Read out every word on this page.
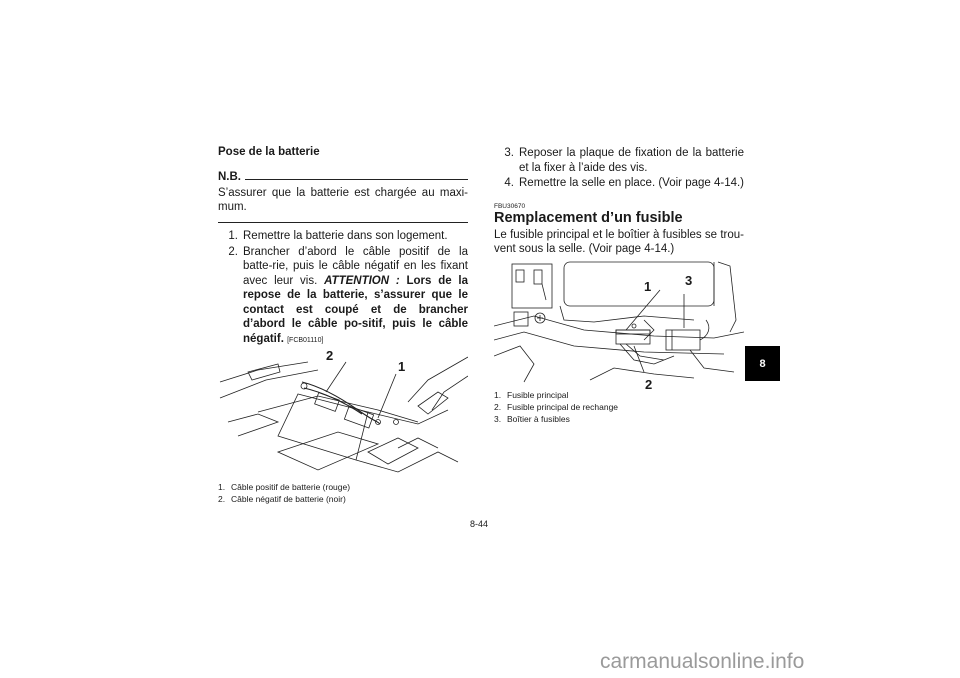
Pose de la batterie
N.B.
S’assurer que la batterie est chargée au maxi-mum.
1. Remettre la batterie dans son logement.
2. Brancher d’abord le câble positif de la batte-rie, puis le câble négatif en les fixant avec leur vis. ATTENTION : Lors de la repose de la batterie, s’assurer que le contact est coupé et de brancher d’abord le câble po-sitif, puis le câble négatif. [FCB01110]
2
1
1. Câble positif de batterie (rouge)
2. Câble négatif de batterie (noir)
3. Reposer la plaque de fixation de la batterie et la fixer à l’aide des vis.
4. Remettre la selle en place. (Voir page 4-14.)
FBU30670
Remplacement d’un fusible
Le fusible principal et le boîtier à fusibles se trou-vent sous la selle. (Voir page 4-14.)
1	3
2
1. Fusible principal
2. Fusible principal de rechange
3. Boîtier à fusibles
8-44
8
carmanualsonline.info
